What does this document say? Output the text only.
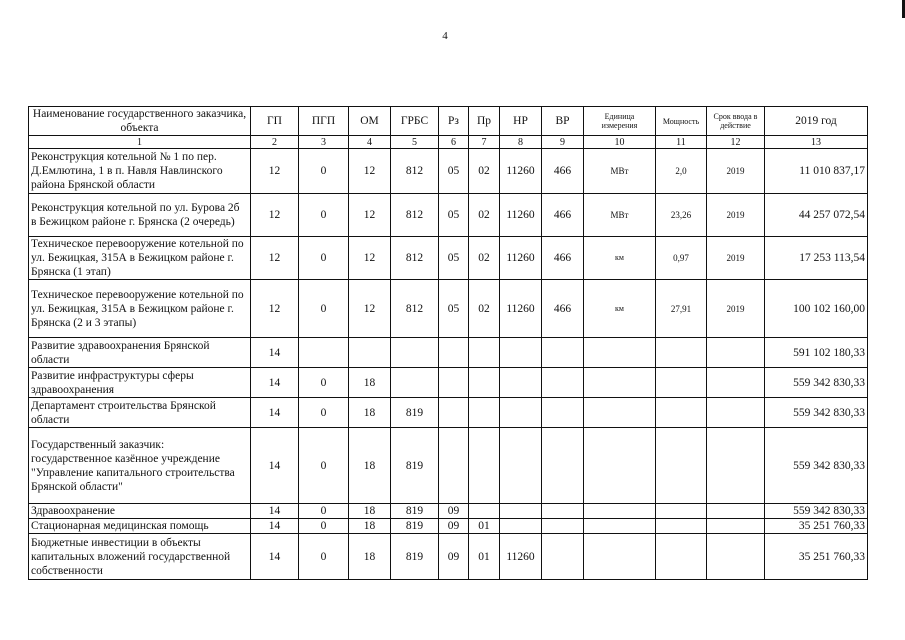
4
Наименование государственного заказчика, объекта	ГП	ПГП	ОМ	ГРБС	Рз	Пр	НР	ВР	Единица измерения	Мощность	Срок ввода в действие	2019 год
1	2	3	4	5	6	7	8	9	10	11	12	13
Реконструкция котельной № 1 по пер. Д.Емлютина, 1 в п. Навля Навлинского района Брянской области	12	0	12	812	05	02	11260	466	МВт	2,0	2019	11 010 837,17
Реконструкция котельной по ул. Бурова 2б в Бежицком районе г. Брянска (2 очередь)	12	0	12	812	05	02	11260	466	МВт	23,26	2019	44 257 072,54
Техническое перевооружение котельной по ул. Бежицкая, 315А в Бежицком районе г. Брянска (1 этап)	12	0	12	812	05	02	11260	466	км	0,97	2019	17 253 113,54
Техническое перевооружение котельной по ул. Бежицкая, 315А в Бежицком районе г. Брянска (2 и 3 этапы)	12	0	12	812	05	02	11260	466	км	27,91	2019	100 102 160,00
Развитие здравоохранения Брянской области	14											591 102 180,33
Развитие инфраструктуры сферы здравоохранения	14	0	18									559 342 830,33
Департамент строительства Брянской области	14	0	18	819								559 342 830,33
Государственный заказчик: государственное казённое учреждение "Управление капитального строительства Брянской области"	14	0	18	819								559 342 830,33
Здравоохранение	14	0	18	819	09							559 342 830,33
Стационарная медицинская помощь	14	0	18	819	09	01						35 251 760,33
Бюджетные инвестиции в объекты капитальных вложений государственной собственности	14	0	18	819	09	01	11260					35 251 760,33
